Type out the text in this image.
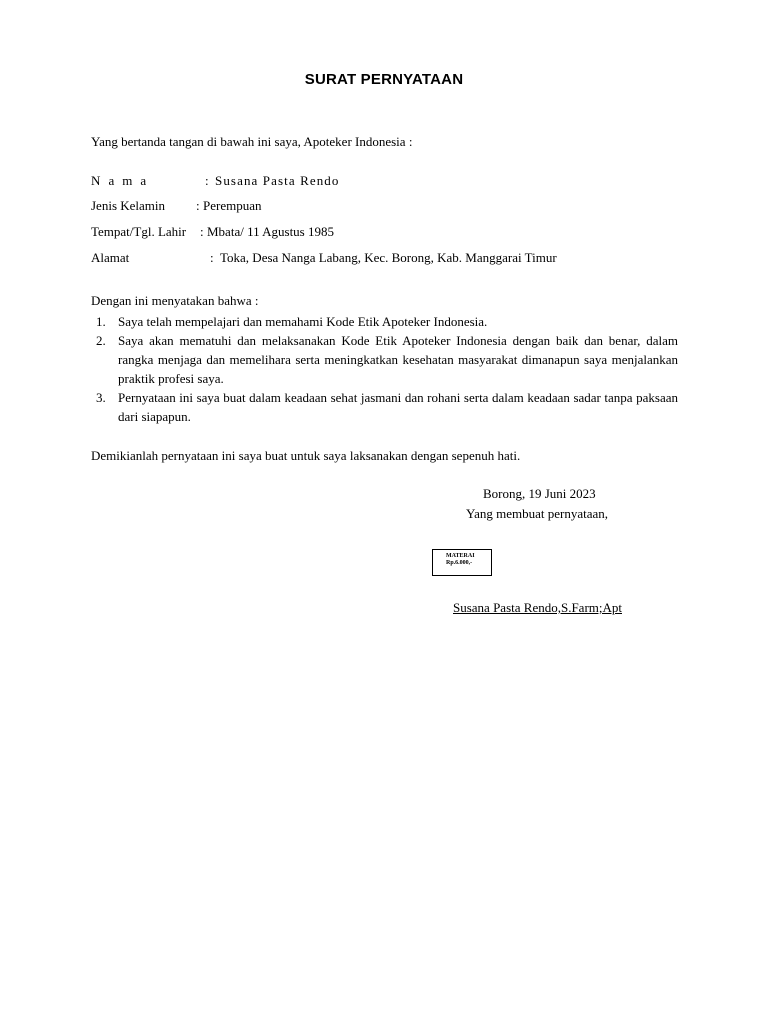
SURAT PERNYATAAN
Yang bertanda tangan di bawah ini saya, Apoteker Indonesia :
N a m a	: Susana Pasta Rendo
Jenis Kelamin : Perempuan
Tempat/Tgl. Lahir : Mbata/ 11 Agustus 1985
Alamat	: Toka, Desa Nanga Labang, Kec. Borong, Kab. Manggarai Timur
Dengan ini menyatakan bahwa :
1. Saya telah mempelajari dan memahami Kode Etik Apoteker Indonesia.
2. Saya akan mematuhi dan melaksanakan Kode Etik Apoteker Indonesia dengan baik dan benar, dalam rangka menjaga dan memelihara serta meningkatkan kesehatan masyarakat dimanapun saya menjalankan praktik profesi saya.
3. Pernyataan ini saya buat dalam keadaan sehat jasmani dan rohani serta dalam keadaan sadar tanpa paksaan dari siapapun.
Demikianlah pernyataan ini saya buat untuk saya laksanakan dengan sepenuh hati.
Borong, 19 Juni 2023
Yang membuat pernyataan,
MATERAI
Rp.6.000,-
Susana Pasta Rendo,S.Farm;Apt
